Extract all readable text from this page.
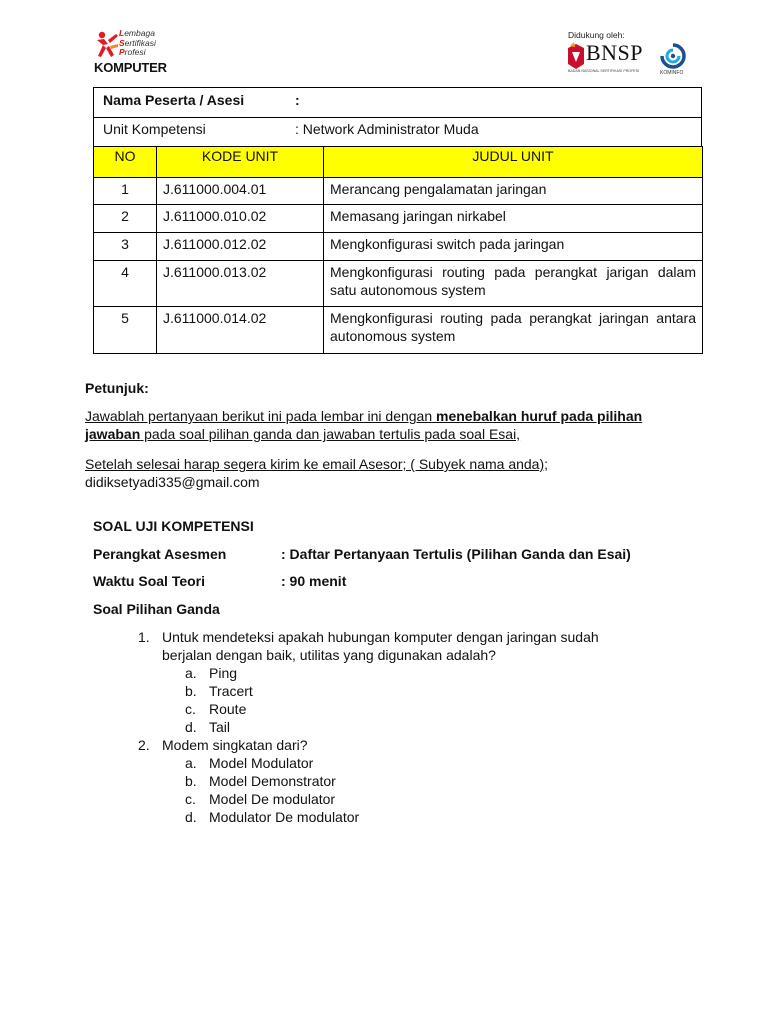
Lembaga
Sertifikasi
Profesi
KOMPUTER
Didukung oleh:
BNSP
BADAN NASIONAL SERTIFIKASI PROFESI	KOMINFO
Nama Peserta / Asesi	:
Unit Kompetensi	: Network Administrator Muda
NO	KODE UNIT	JUDUL UNIT
1	J.611000.004.01	Merancang pengalamatan jaringan
2	J.611000.010.02	Memasang jaringan nirkabel
3	J.611000.012.02	Mengkonfigurasi switch pada jaringan
4	J.611000.013.02	Mengkonfigurasi routing pada perangkat jarigan dalam satu autonomous system
5	J.611000.014.02	Mengkonfigurasi routing pada perangkat jaringan antara autonomous system
Petunjuk:
Jawablah pertanyaan berikut ini pada lembar ini dengan menebalkan huruf pada pilihan jawaban pada soal pilihan ganda dan jawaban tertulis pada soal Esai,
Setelah selesai harap segera kirim ke email Asesor; ( Subyek nama anda);
didiksetyadi335@gmail.com
SOAL UJI KOMPETENSI
Perangkat Asesmen	: Daftar Pertanyaan Tertulis (Pilihan Ganda dan Esai)
Waktu Soal Teori	: 90 menit
Soal Pilihan Ganda
1. Untuk mendeteksi apakah hubungan komputer dengan jaringan sudah berjalan dengan baik, utilitas yang digunakan adalah?
a. Ping
b. Tracert
c. Route
d. Tail
2. Modem singkatan dari?
a. Model Modulator
b. Model Demonstrator
c. Model De modulator
d. Modulator De modulator
